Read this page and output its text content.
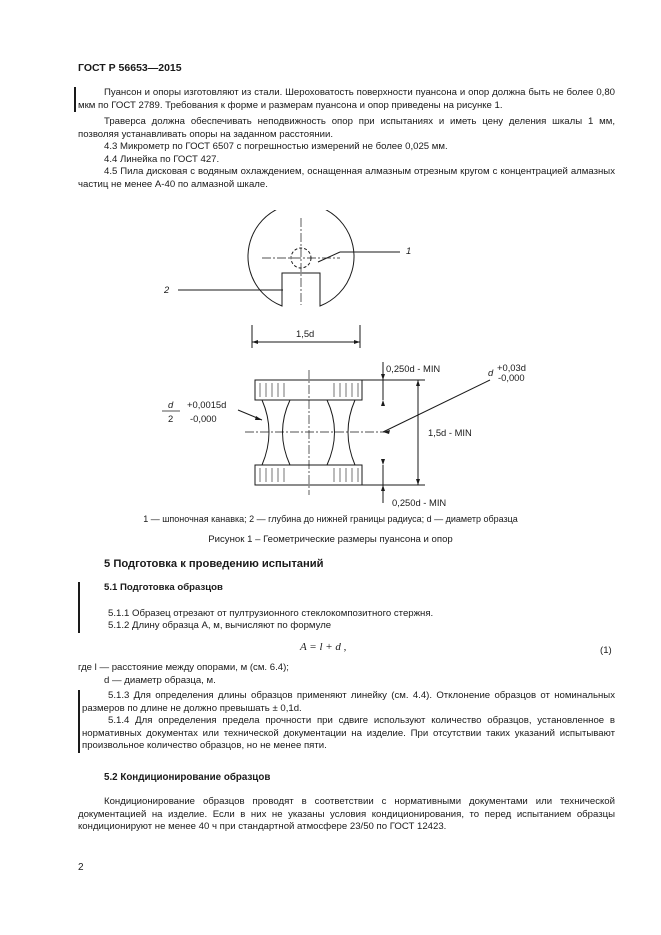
ГОСТ Р 56653—2015

Пуансон и опоры изготовляют из стали. Шероховатость поверхности пуансона и опор должна быть не более 0,80 мкм по ГОСТ 2789. Требования к форме и размерам пуансона и опор приведены на рисунке 1.

Траверса должна обеспечивать неподвижность опор при испытаниях и иметь цену деления шкалы 1 мм, позволяя устанавливать опоры на заданном расстоянии.

4.3 Микрометр по ГОСТ 6507 с погрешностью измерений не более 0,025 мм.

4.4 Линейка по ГОСТ 427.

4.5 Пила дисковая с водяным охлаждением, оснащенная алмазным отрезным кругом с концентрацией алмазных частиц не менее А-40 по алмазной шкале.

1
2
1,5d
0,250d - MIN
1,5d - MIN
0,250d - MIN
d +0,03d
-0,000
d
2
+0,0015d
-0,000
1 — шпоночная канавка; 2 — глубина до нижней границы радиуса; d — диаметр образца
Рисунок 1 – Геометрические размеры пуансона и опор
5 Подготовка к проведению испытаний
5.1 Подготовка образцов

5.1.1 Образец отрезают от пултрузионного стеклокомпозитного стержня.

5.1.2 Длину образца A, м, вычисляют по формуле

A = l + d ,	(1)

где l — расстояние между опорами, м (см. 6.4);

d — диаметр образца, м.

5.1.3 Для определения длины образцов применяют линейку (см. 4.4). Отклонение образцов от номинальных размеров по длине не должно превышать ± 0,1d.

5.1.4 Для определения предела прочности при сдвиге используют количество образцов, установленное в нормативных документах или технической документации на изделие. При отсутствии таких указаний испытывают произвольное количество образцов, но не менее пяти.

5.2 Кондиционирование образцов

Кондиционирование образцов проводят в соответствии с нормативными документами или технической документацией на изделие. Если в них не указаны условия кондиционирования, то перед испытанием образцы кондиционируют не менее 40 ч при стандартной атмосфере 23/50 по ГОСТ 12423.

2
